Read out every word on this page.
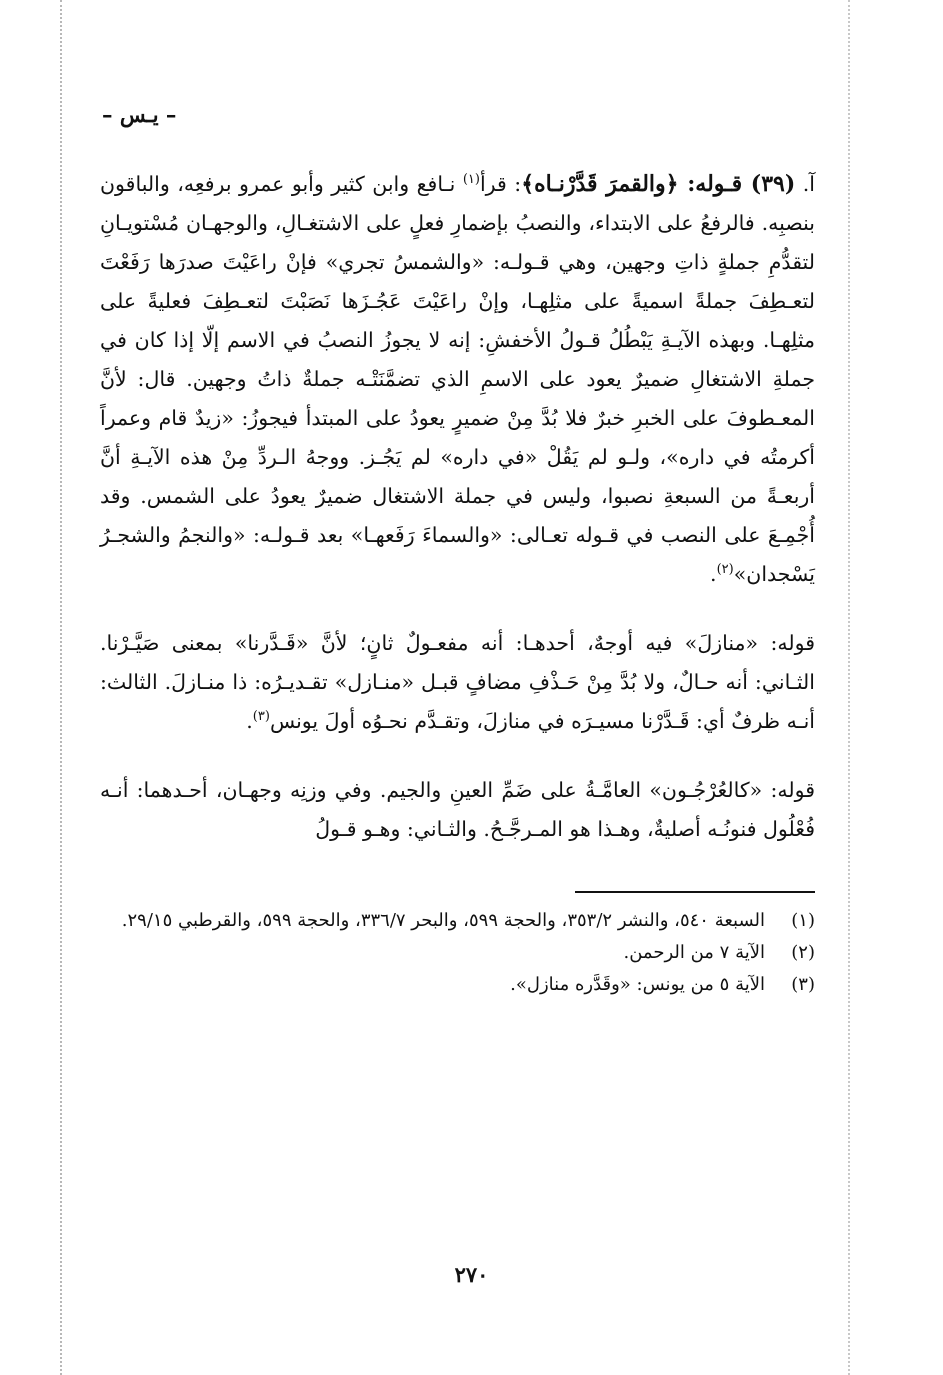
– يـس –

آ. (٣٩) قـوله: ﴿والقمرَ قَدَّرْنـاه﴾: قرأ$^{(١)}$ نـافع وابن كثير وأبو عمرو برفعِه، والباقون بنصبِه. فالرفعُ على الابتداء، والنصبُ بإضمارِ فعلٍ على الاشتغـالِ، والوجهـان مُسْتويـانِ لتقدُّمِ جملةٍ ذاتِ وجهين، وهي قـولـه: «والشمسُ تجري» فإنْ راعَيْتَ صدرَها رَفَعْتَ لتعـطِفَ جملةً اسميةً على مثلِهـا، وإنْ راعَيْتَ عَجُـزَها نَصَبْتَ لتعـطِفَ فعليةً على مثلِهـا. وبهذه الآيـةِ يَبْطُلُ قـولُ الأخفشِ: إنه لا يجوزُ النصبُ في الاسم إلّا إذا كان في جملةِ الاشتغالِ ضميرٌ يعود على الاسمِ الذي تضمَّنَتْـه جملةٌ ذاتُ وجهين. قال: لأنَّ المعـطوفَ على الخبرِ خبرٌ فلا بُدَّ مِنْ ضميرٍ يعودُ على المبتدأ فيجوزُ: «زيدٌ قام وعمراً أكرمتُه في داره»، ولـو لم يَقُلْ «في داره» لم يَجُـز. ووجهُ الـردِّ مِنْ هذه الآيـةِ أنَّ أربعـةً من السبعةِ نصبوا، وليس في جملة الاشتغال ضميرٌ يعودُ على الشمس. وقد أُجْمِـعَ على النصب في قـوله تعـالى: «والسماءَ رَفَعهـا» بعد قـولـه: «والنجمُ والشجـرُ يَسْجدان»$^{(٢)}$.

قوله: «منازلَ» فيه أوجهٌ، أحدهـا: أنه مفعـولٌ ثانٍ؛ لأنَّ «قَـدَّرنا» بمعنى صَيَّـرْنا. الثـاني: أنه حـالٌ، ولا بُدَّ مِنْ حَـذْفِ مضافٍ قبـل «منـازل» تقـديـرُه: ذا منـازلَ. الثالث: أنـه ظرفٌ أي: قَـدَّرْنا مسيـرَه في منازلَ، وتقـدَّم نحـوُه أولَ يونس$^{(٣)}$.

قوله: «كالعُرْجُـون» العامَّـةُ على ضَمِّ العينِ والجيم. وفي وزنِه وجهـان، أحـدهما: أنـه فُعْلُول فنونُـه أصليةٌ، وهـذا هو المـرجَّـحُ. والثـاني: وهـو قـولُ

(١)
السبعة ٥٤٠، والنشر ٣٥٣/٢، والحجة ٥٩٩، والبحر ٣٣٦/٧، والحجة ٥٩٩، والقرطبي ٢٩/١٥.
(٢)
الآية ٧ من الرحمن.
(٣)
الآية ٥ من يونس: «وقَدَّره منازل».
٢٧٠
